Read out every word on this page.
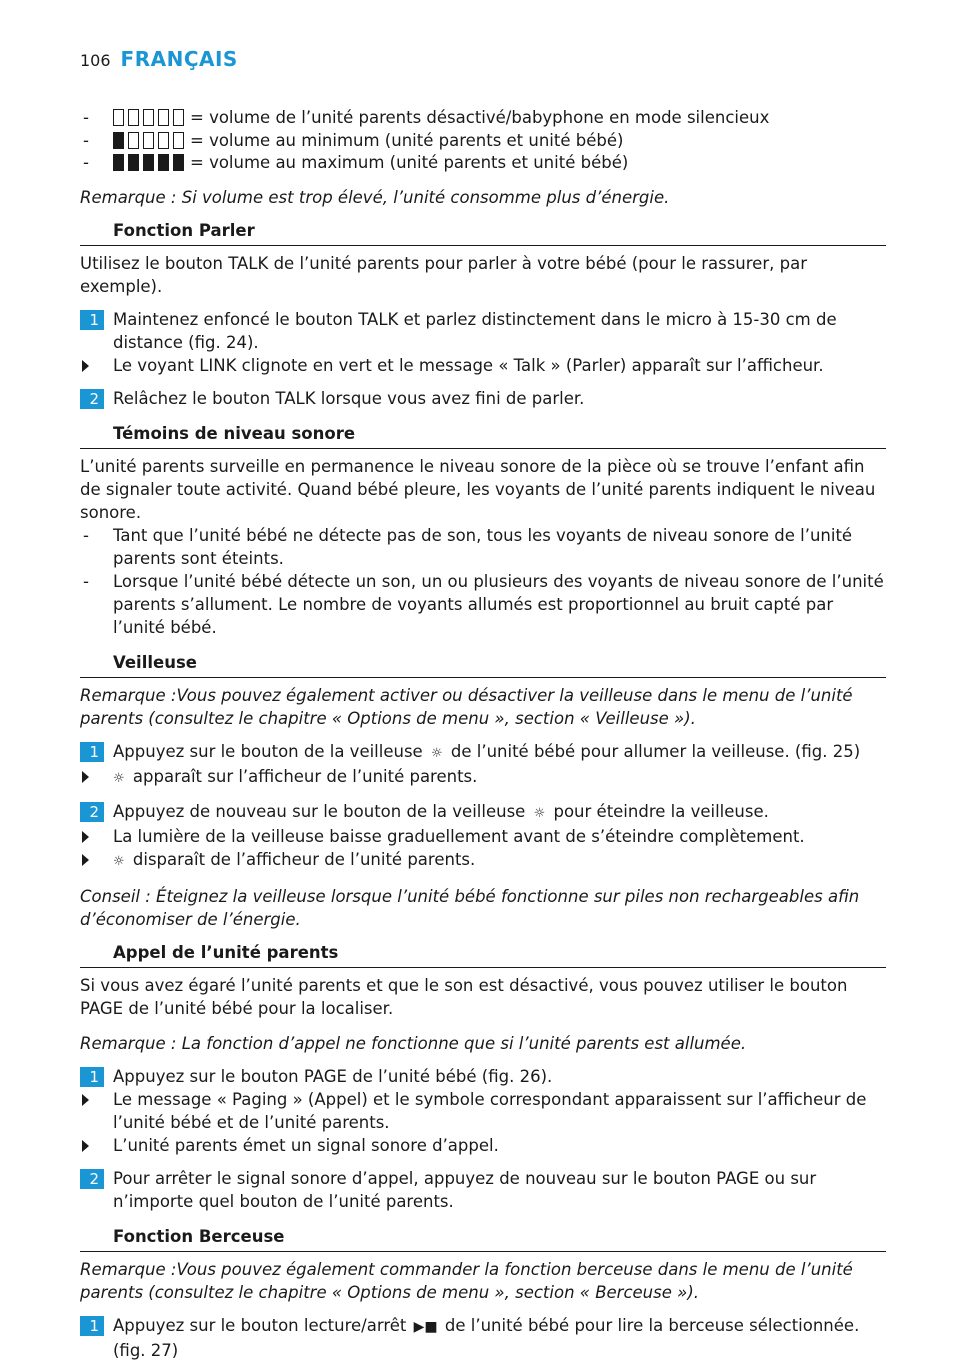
106 FRANÇAIS
-	= volume de l’unité parents désactivé/babyphone en mode silencieux
-	= volume au minimum (unité parents et unité bébé)
-	= volume au maximum (unité parents et unité bébé)
Remarque : Si volume est trop élevé, l’unité consomme plus d’énergie.
Fonction Parler
Utilisez le bouton TALK de l’unité parents pour parler à votre bébé (pour le rassurer, par exemple).
1 Maintenez enfoncé le bouton TALK et parlez distinctement dans le micro à 15-30 cm de distance (fig. 24).
Le voyant LINK clignote en vert et le message « Talk » (Parler) apparaît sur l’afficheur.
2 Relâchez le bouton TALK lorsque vous avez fini de parler.
Témoins de niveau sonore
L’unité parents surveille en permanence le niveau sonore de la pièce où se trouve l’enfant afin de signaler toute activité. Quand bébé pleure, les voyants de l’unité parents indiquent le niveau sonore.
- Tant que l’unité bébé ne détecte pas de son, tous les voyants de niveau sonore de l’unité parents sont éteints.
- Lorsque l’unité bébé détecte un son, un ou plusieurs des voyants de niveau sonore de l’unité parents s’allument. Le nombre de voyants allumés est proportionnel au bruit capté par l’unité bébé.
Veilleuse
Remarque :Vous pouvez également activer ou désactiver la veilleuse dans le menu de l’unité parents (consultez le chapitre « Options de menu », section « Veilleuse »).
1 Appuyez sur le bouton de la veilleuse ☼ de l’unité bébé pour allumer la veilleuse. (fig. 25)
☼ apparaît sur l’afficheur de l’unité parents.
2 Appuyez de nouveau sur le bouton de la veilleuse ☼ pour éteindre la veilleuse.
La lumière de la veilleuse baisse graduellement avant de s’éteindre complètement.
☼ disparaît de l’afficheur de l’unité parents.
Conseil : Éteignez la veilleuse lorsque l’unité bébé fonctionne sur piles non rechargeables afin d’économiser de l’énergie.
Appel de l’unité parents
Si vous avez égaré l’unité parents et que le son est désactivé, vous pouvez utiliser le bouton PAGE de l’unité bébé pour la localiser.
Remarque : La fonction d’appel ne fonctionne que si l’unité parents est allumée.
1 Appuyez sur le bouton PAGE de l’unité bébé (fig. 26).
Le message « Paging » (Appel) et le symbole correspondant apparaissent sur l’afficheur de l’unité bébé et de l’unité parents.
L’unité parents émet un signal sonore d’appel.
2 Pour arrêter le signal sonore d’appel, appuyez de nouveau sur le bouton PAGE ou sur n’importe quel bouton de l’unité parents.
Fonction Berceuse
Remarque :Vous pouvez également commander la fonction berceuse dans le menu de l’unité parents (consultez le chapitre « Options de menu », section « Berceuse »).
1 Appuyez sur le bouton lecture/arrêt ▶■ de l’unité bébé pour lire la berceuse sélectionnée. (fig. 27)
